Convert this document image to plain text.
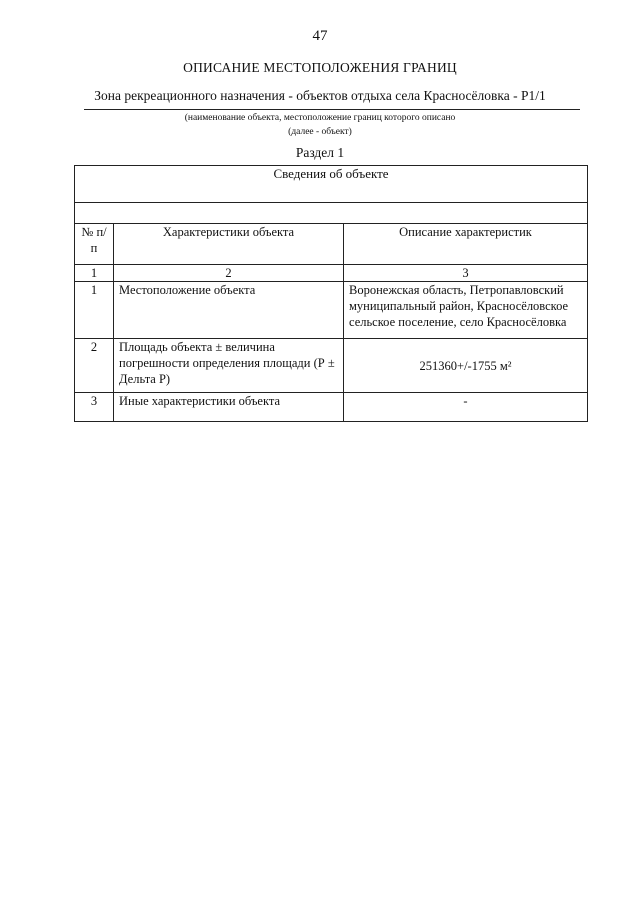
47
ОПИСАНИЕ МЕСТОПОЛОЖЕНИЯ ГРАНИЦ
Зона рекреационного назначения - объектов отдыха села Красносёловка - Р1/1
(наименование объекта, местоположение границ которого описано
(далее - объект)
Раздел 1
Сведения об объекте		

№ п/п	Характеристики объекта	Описание характеристик
1	2	3
1	Местоположение объекта	Воронежская область, Петропавловский муниципальный район, Красносёловское сельское поселение, село Красносёловка
2	Площадь объекта ± величина погрешности определения площади (Р ± Дельта Р)	251360+/-1755 м²
3	Иные характеристики объекта	-
